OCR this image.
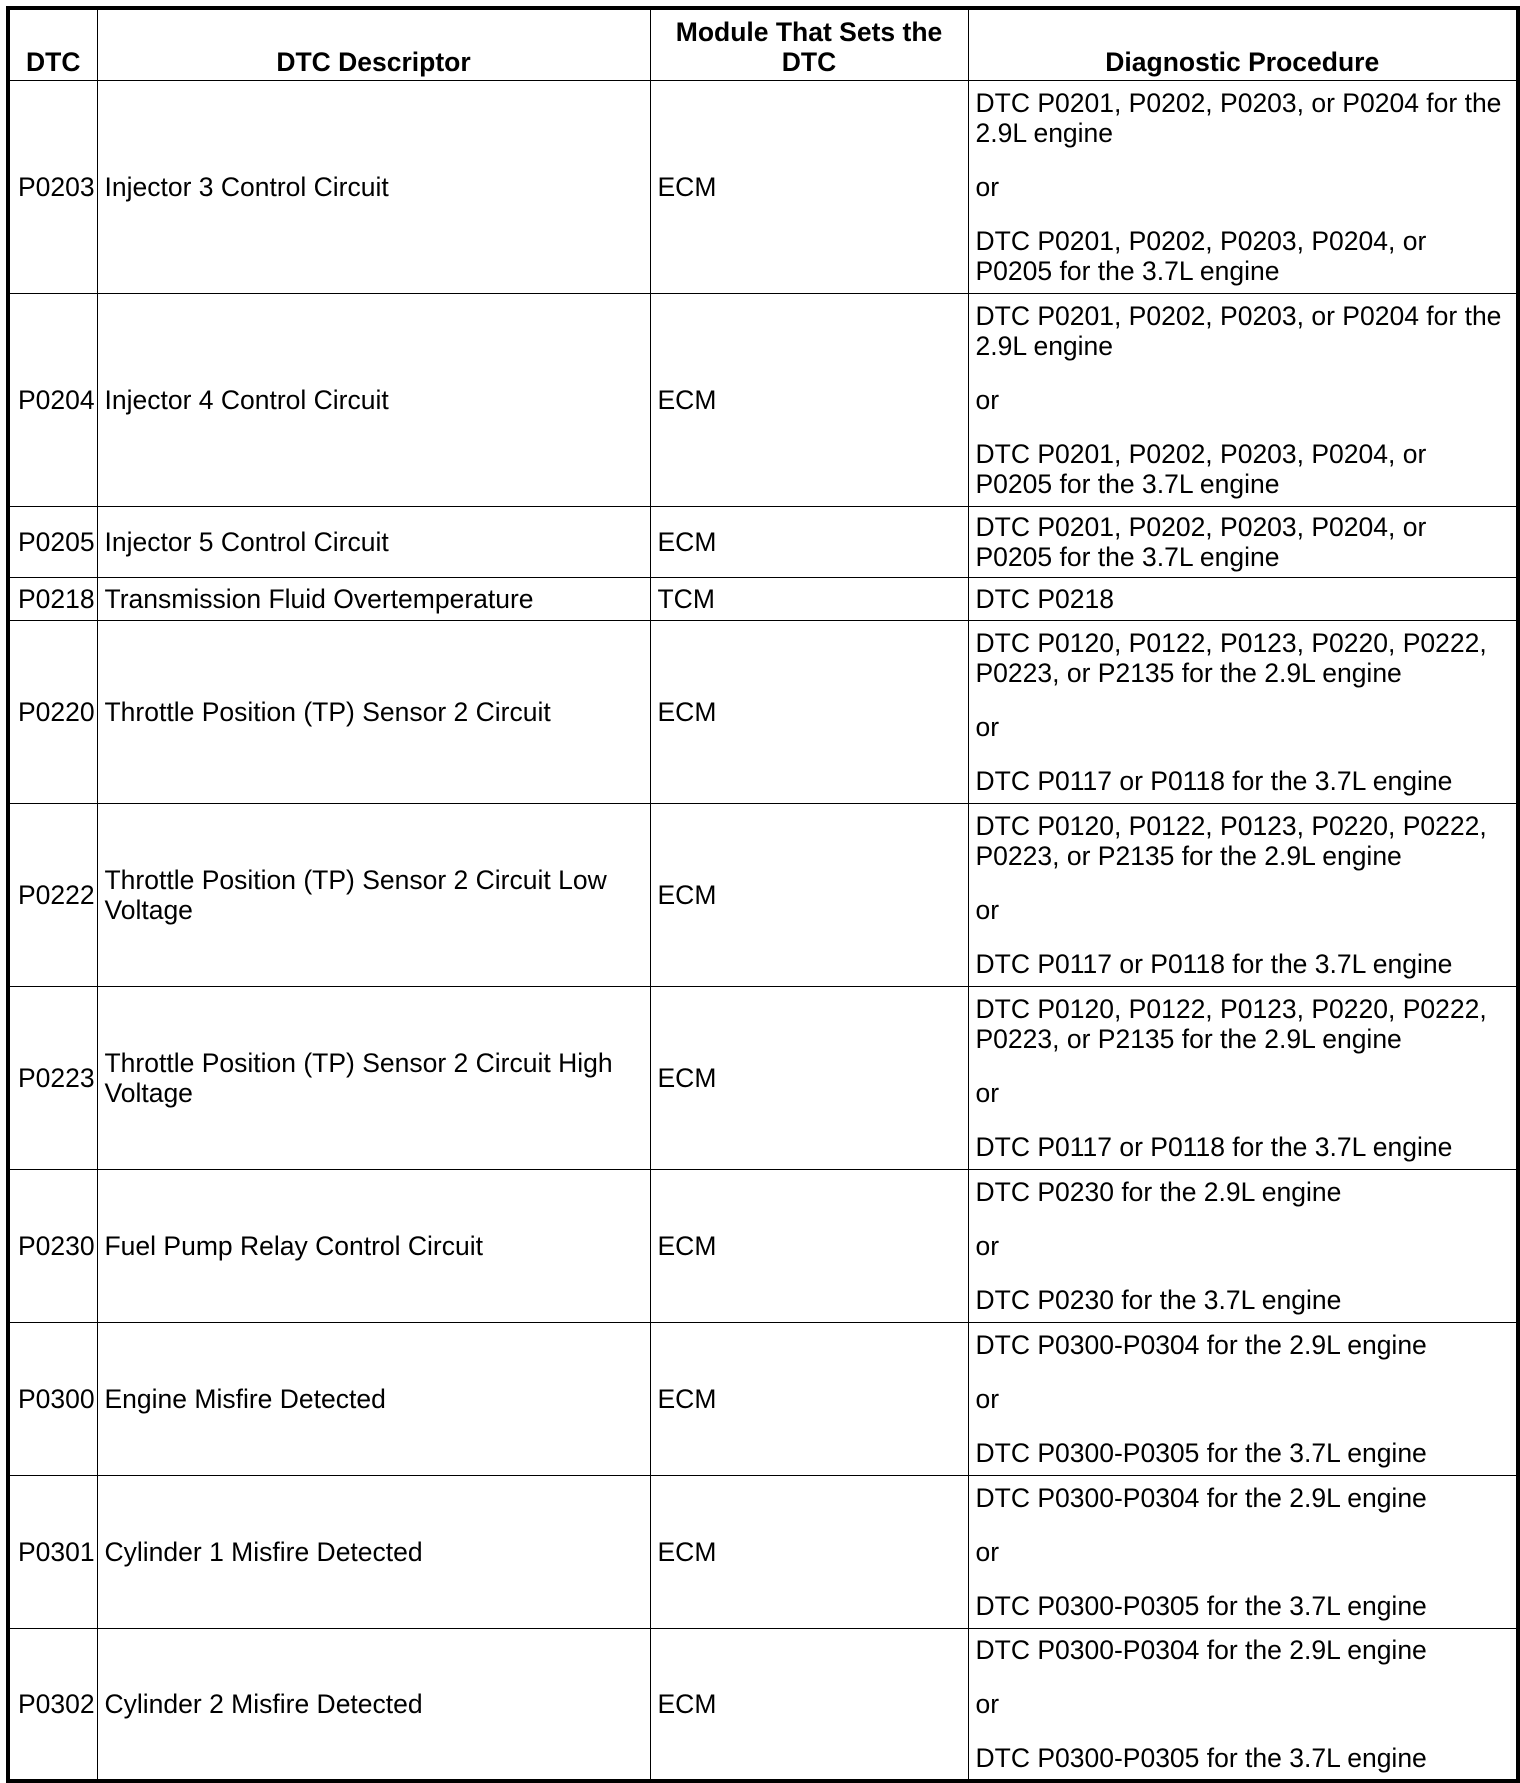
DTC	DTC Descriptor	Module That Sets the DTC	Diagnostic Procedure
P0203	Injector 3 Control Circuit	ECM	DTC P0201, P0202, P0203, or P0204 for the 2.9L engine
or
DTC P0201, P0202, P0203, P0204, or P0205 for the 3.7L engine

P0204	Injector 4 Control Circuit	ECM	DTC P0201, P0202, P0203, or P0204 for the 2.9L engine
or
DTC P0201, P0202, P0203, P0204, or P0205 for the 3.7L engine

P0205	Injector 5 Control Circuit	ECM	DTC P0201, P0202, P0203, P0204, or P0205 for the 3.7L engine

P0218	Transmission Fluid Overtemperature	TCM	DTC P0218

P0220	Throttle Position (TP) Sensor 2 Circuit	ECM	DTC P0120, P0122, P0123, P0220, P0222, P0223, or P2135 for the 2.9L engine
or
DTC P0117 or P0118 for the 3.7L engine

P0222	Throttle Position (TP) Sensor 2 Circuit Low Voltage	ECM	DTC P0120, P0122, P0123, P0220, P0222, P0223, or P2135 for the 2.9L engine
or
DTC P0117 or P0118 for the 3.7L engine

P0223	Throttle Position (TP) Sensor 2 Circuit High Voltage	ECM	DTC P0120, P0122, P0123, P0220, P0222, P0223, or P2135 for the 2.9L engine
or
DTC P0117 or P0118 for the 3.7L engine

P0230	Fuel Pump Relay Control Circuit	ECM	DTC P0230 for the 2.9L engine
or
DTC P0230 for the 3.7L engine

P0300	Engine Misfire Detected	ECM	DTC P0300-P0304 for the 2.9L engine
or
DTC P0300-P0305 for the 3.7L engine

P0301	Cylinder 1 Misfire Detected	ECM	DTC P0300-P0304 for the 2.9L engine
or
DTC P0300-P0305 for the 3.7L engine

P0302	Cylinder 2 Misfire Detected	ECM	DTC P0300-P0304 for the 2.9L engine
or
DTC P0300-P0305 for the 3.7L engine
